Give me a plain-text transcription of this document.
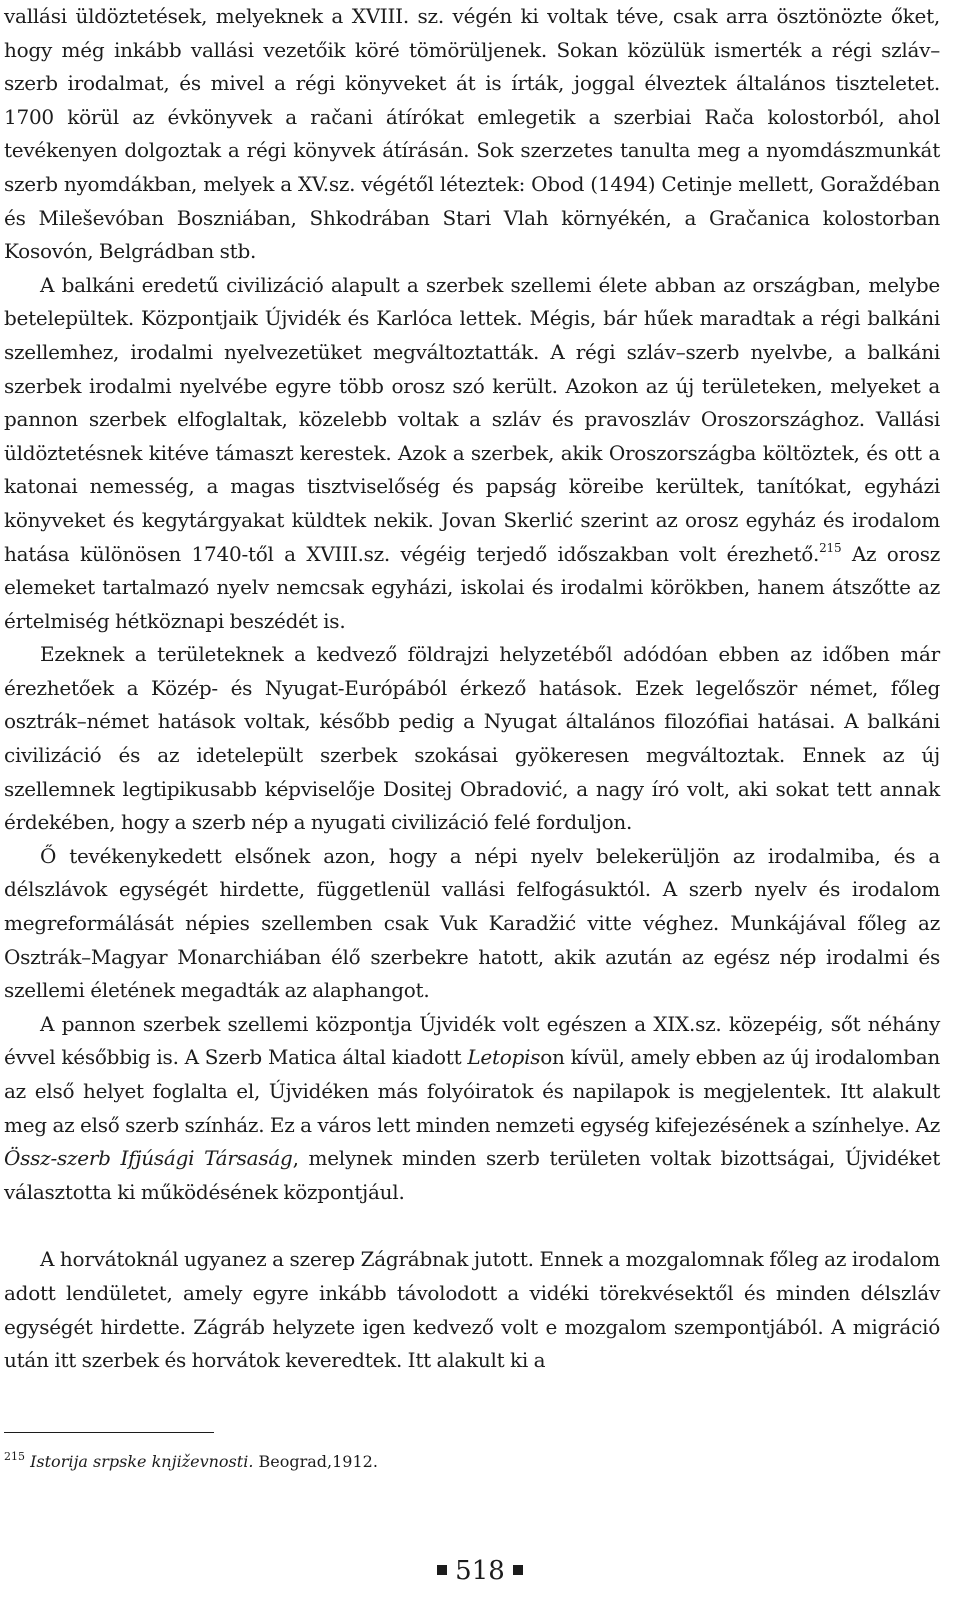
vallási üldöztetések, melyeknek a XVIII. sz. végén ki voltak téve, csak arra ösztönözte őket, hogy még inkább vallási vezetőik köré tömörüljenek. Sokan közülük ismerték a régi szláv–szerb irodalmat, és mivel a régi könyveket át is írták, joggal élveztek általános tiszteletet. 1700 körül az évkönyvek a račani átírókat emlegetik a szerbiai Rača kolostorból, ahol tevékenyen dolgoztak a régi könyvek átírásán. Sok szerzetes tanulta meg a nyomdászmunkát szerb nyomdákban, melyek a XV.sz. végétől léteztek: Obod (1494) Cetinje mellett, Goraždéban és Mileševóban Boszniában, Shkodrában Stari Vlah környékén, a Gračanica kolostorban Kosovón, Belgrádban stb.

A balkáni eredetű civilizáció alapult a szerbek szellemi élete abban az országban, melybe betelepültek. Központjaik Újvidék és Karlóca lettek. Mégis, bár hűek maradtak a régi balkáni szellemhez, irodalmi nyelvezetüket megváltoztatták. A régi szláv–szerb nyelvbe, a balkáni szerbek irodalmi nyelvébe egyre több orosz szó került. Azokon az új területeken, melyeket a pannon szerbek elfoglaltak, közelebb voltak a szláv és pravoszláv Oroszországhoz. Vallási üldöztetésnek kitéve támaszt kerestek. Azok a szerbek, akik Oroszországba költöztek, és ott a katonai nemesség, a magas tisztviselőség és papság köreibe kerültek, tanítókat, egyházi könyveket és kegytárgyakat küldtek nekik. Jovan Skerlić szerint az orosz egyház és irodalom hatása különösen 1740-től a XVIII.sz. végéig terjedő időszakban volt érezhető.$^{215}$ Az orosz elemeket tartalmazó nyelv nemcsak egyházi, iskolai és irodalmi körökben, hanem átszőtte az értelmiség hétköznapi beszédét is.

Ezeknek a területeknek a kedvező földrajzi helyzetéből adódóan ebben az időben már érezhetőek a Közép- és Nyugat-Európából érkező hatások. Ezek legelőször német, főleg osztrák–német hatások voltak, később pedig a Nyugat általános filozófiai hatásai. A balkáni civilizáció és az idetelepült szerbek szokásai gyökeresen megváltoztak. Ennek az új szellemnek legtipikusabb képviselője Dositej Obradović, a nagy író volt, aki sokat tett annak érdekében, hogy a szerb nép a nyugati civilizáció felé forduljon.

Ő tevékenykedett elsőnek azon, hogy a népi nyelv belekerüljön az irodalmiba, és a délszlávok egységét hirdette, függetlenül vallási felfogásuktól. A szerb nyelv és irodalom megreformálását népies szellemben csak Vuk Karadžić vitte véghez. Munkájával főleg az Osztrák–Magyar Monarchiában élő szerbekre hatott, akik azután az egész nép irodalmi és szellemi életének megadták az alaphangot.

A pannon szerbek szellemi központja Újvidék volt egészen a XIX.sz. közepéig, sőt néhány évvel későbbig is. A Szerb Matica által kiadott Letopison kívül, amely ebben az új irodalomban az első helyet foglalta el, Újvidéken más folyóiratok és napilapok is megjelentek. Itt alakult meg az első szerb színház. Ez a város lett minden nemzeti egység kifejezésének a színhelye. Az Össz-szerb Ifjúsági Társaság, melynek minden szerb területen voltak bizottságai, Újvidéket választotta ki működésének központjául.

A horvátoknál ugyanez a szerep Zágrábnak jutott. Ennek a mozgalomnak főleg az irodalom adott lendületet, amely egyre inkább távolodott a vidéki törekvésektől és minden délszláv egységét hirdette. Zágráb helyzete igen kedvező volt e mozgalom szempontjából. A migráció után itt szerbek és horvátok keveredtek. Itt alakult ki a

$^{215}$ Istorija srpske književnosti. Beograd,1912.
518
